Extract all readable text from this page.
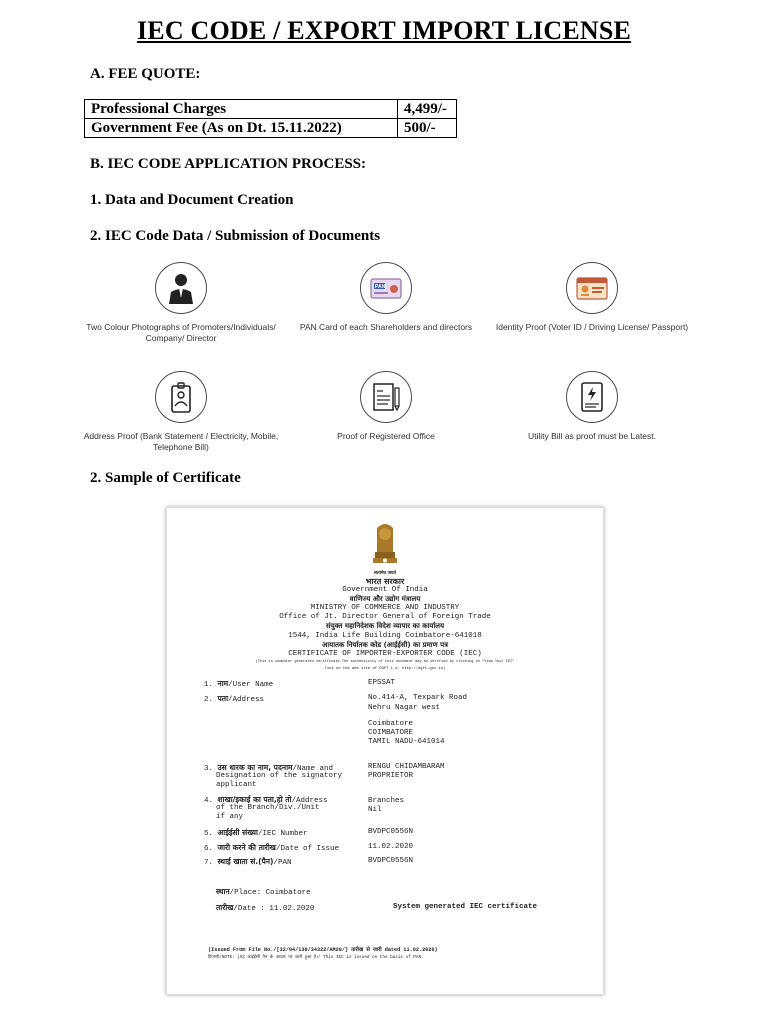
IEC CODE / EXPORT IMPORT LICENSE
A. FEE QUOTE:
Professional Charges	4,499/-
Government Fee (As on Dt. 15.11.2022)	500/-
B. IEC CODE APPLICATION PROCESS:
1. Data and Document Creation
2. IEC Code Data / Submission of Documents
Two Colour Photographs of Promoters/Individuals/ Company/ Director
PAN
PAN Card of each Shareholders and directors	Identity Proof (Voter ID / Driving License/ Passport)
Address Proof (Bank Statement / Electricity, Mobile, Telephone Bill)
Proof of Registered Office	Utility Bill as proof must be Latest.
2. Sample of Certificate
सत्यमेव जयते
भारत सरकार
Government Of India
वाणिज्य और उद्योग मंत्रालय
MINISTRY OF COMMERCE AND INDUSTRY
Office of Jt. Director General of Foreign Trade
संयुक्त महानिदेशक विदेश व्यापार का कार्यालय
1544, India Life Building Coimbatore-641018
आयातक निर्यातक कोड (आईईसी) का प्रमाण पत्र
CERTIFICATE OF IMPORTER-EXPORTER CODE (IEC)
(This is computer generated certificate.The authenticity of this document may be verified by clicking on "View Your IEC"
link on the web site of DGFT i.e. http://dgft.gov.in)
1. नाम/User Name	EPSSAT
2. पता/Address	No.414-A, Texpark Road
Nehru Nagar west
Coimbatore
COIMBATORE
TAMIL NADU-641014
3. उस धारक का नाम, पदनाम/Name and
Designation of the signatory
applicant
RENGU CHIDAMBARAM
PROPRIETOR
4. शाखा/इकाई का पता,हो तो/Address
of the Branch/Div./Unit
if any
Branches
Nil
5. आईईसी संख्या/IEC Number	BVDPC0556N
6. जारी करने की तारीख/Date of Issue	11.02.2020
7. स्थाई खाता सं.(पैन)/PAN	BVDPC0556N
स्थान/Place: Coimbatore
तारीख/Date : 11.02.2020	System generated IEC certificate
(Issued From File No./[32/04/130/34322/AM20/] तारीख से जारी dated 11.02.2020)
टिप्पणी/NOTE: (यह आईईसी पैन के आधार पर जारी हुआ है।/ This IEC is issued on the basis of PAN.
